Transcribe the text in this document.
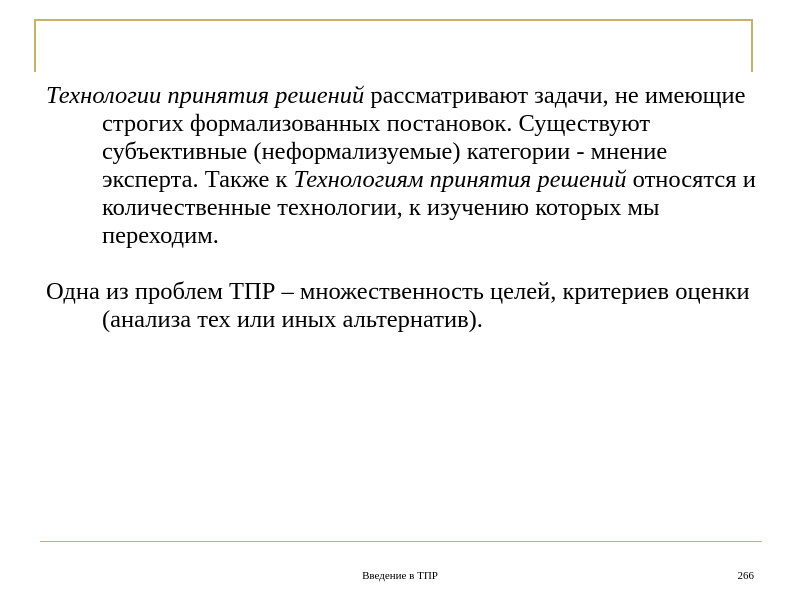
Технологии принятия решений рассматривают задачи, не имеющие строгих формализованных постановок. Существуют субъективные (неформализуемые) категории - мнение эксперта. Также к Технологиям принятия решений относятся и количественные технологии, к изучению которых мы переходим.

Одна из проблем ТПР – множественность целей, критериев оценки (анализа тех или иных альтернатив).

Введение в ТПР	266
